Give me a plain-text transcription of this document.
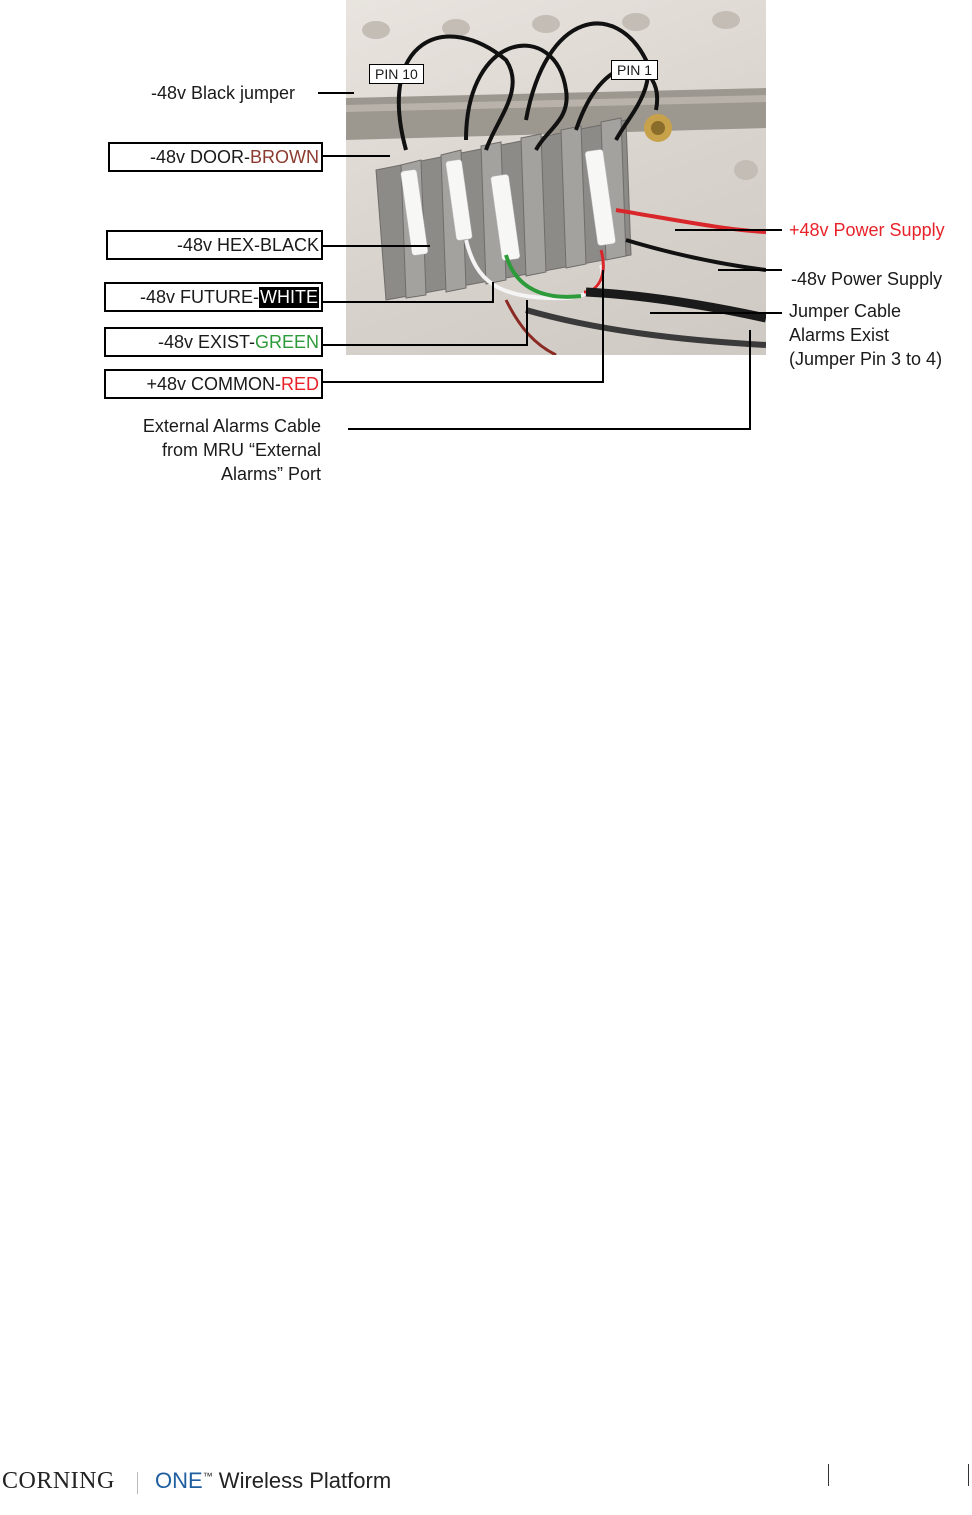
PIN 10	PIN 1
-48v Black jumper
-48v DOOR- BROWN
-48v HEX-BLACK
-48v FUTURE- WHITE
-48v EXIST- GREEN
+48v COMMON- RED
External Alarms Cable
from MRU “External
Alarms” Port
+48v Power Supply
-48v Power Supply
Jumper Cable
Alarms Exist
(Jumper Pin 3 to 4)
CORNING ONE™ Wireless Platform
